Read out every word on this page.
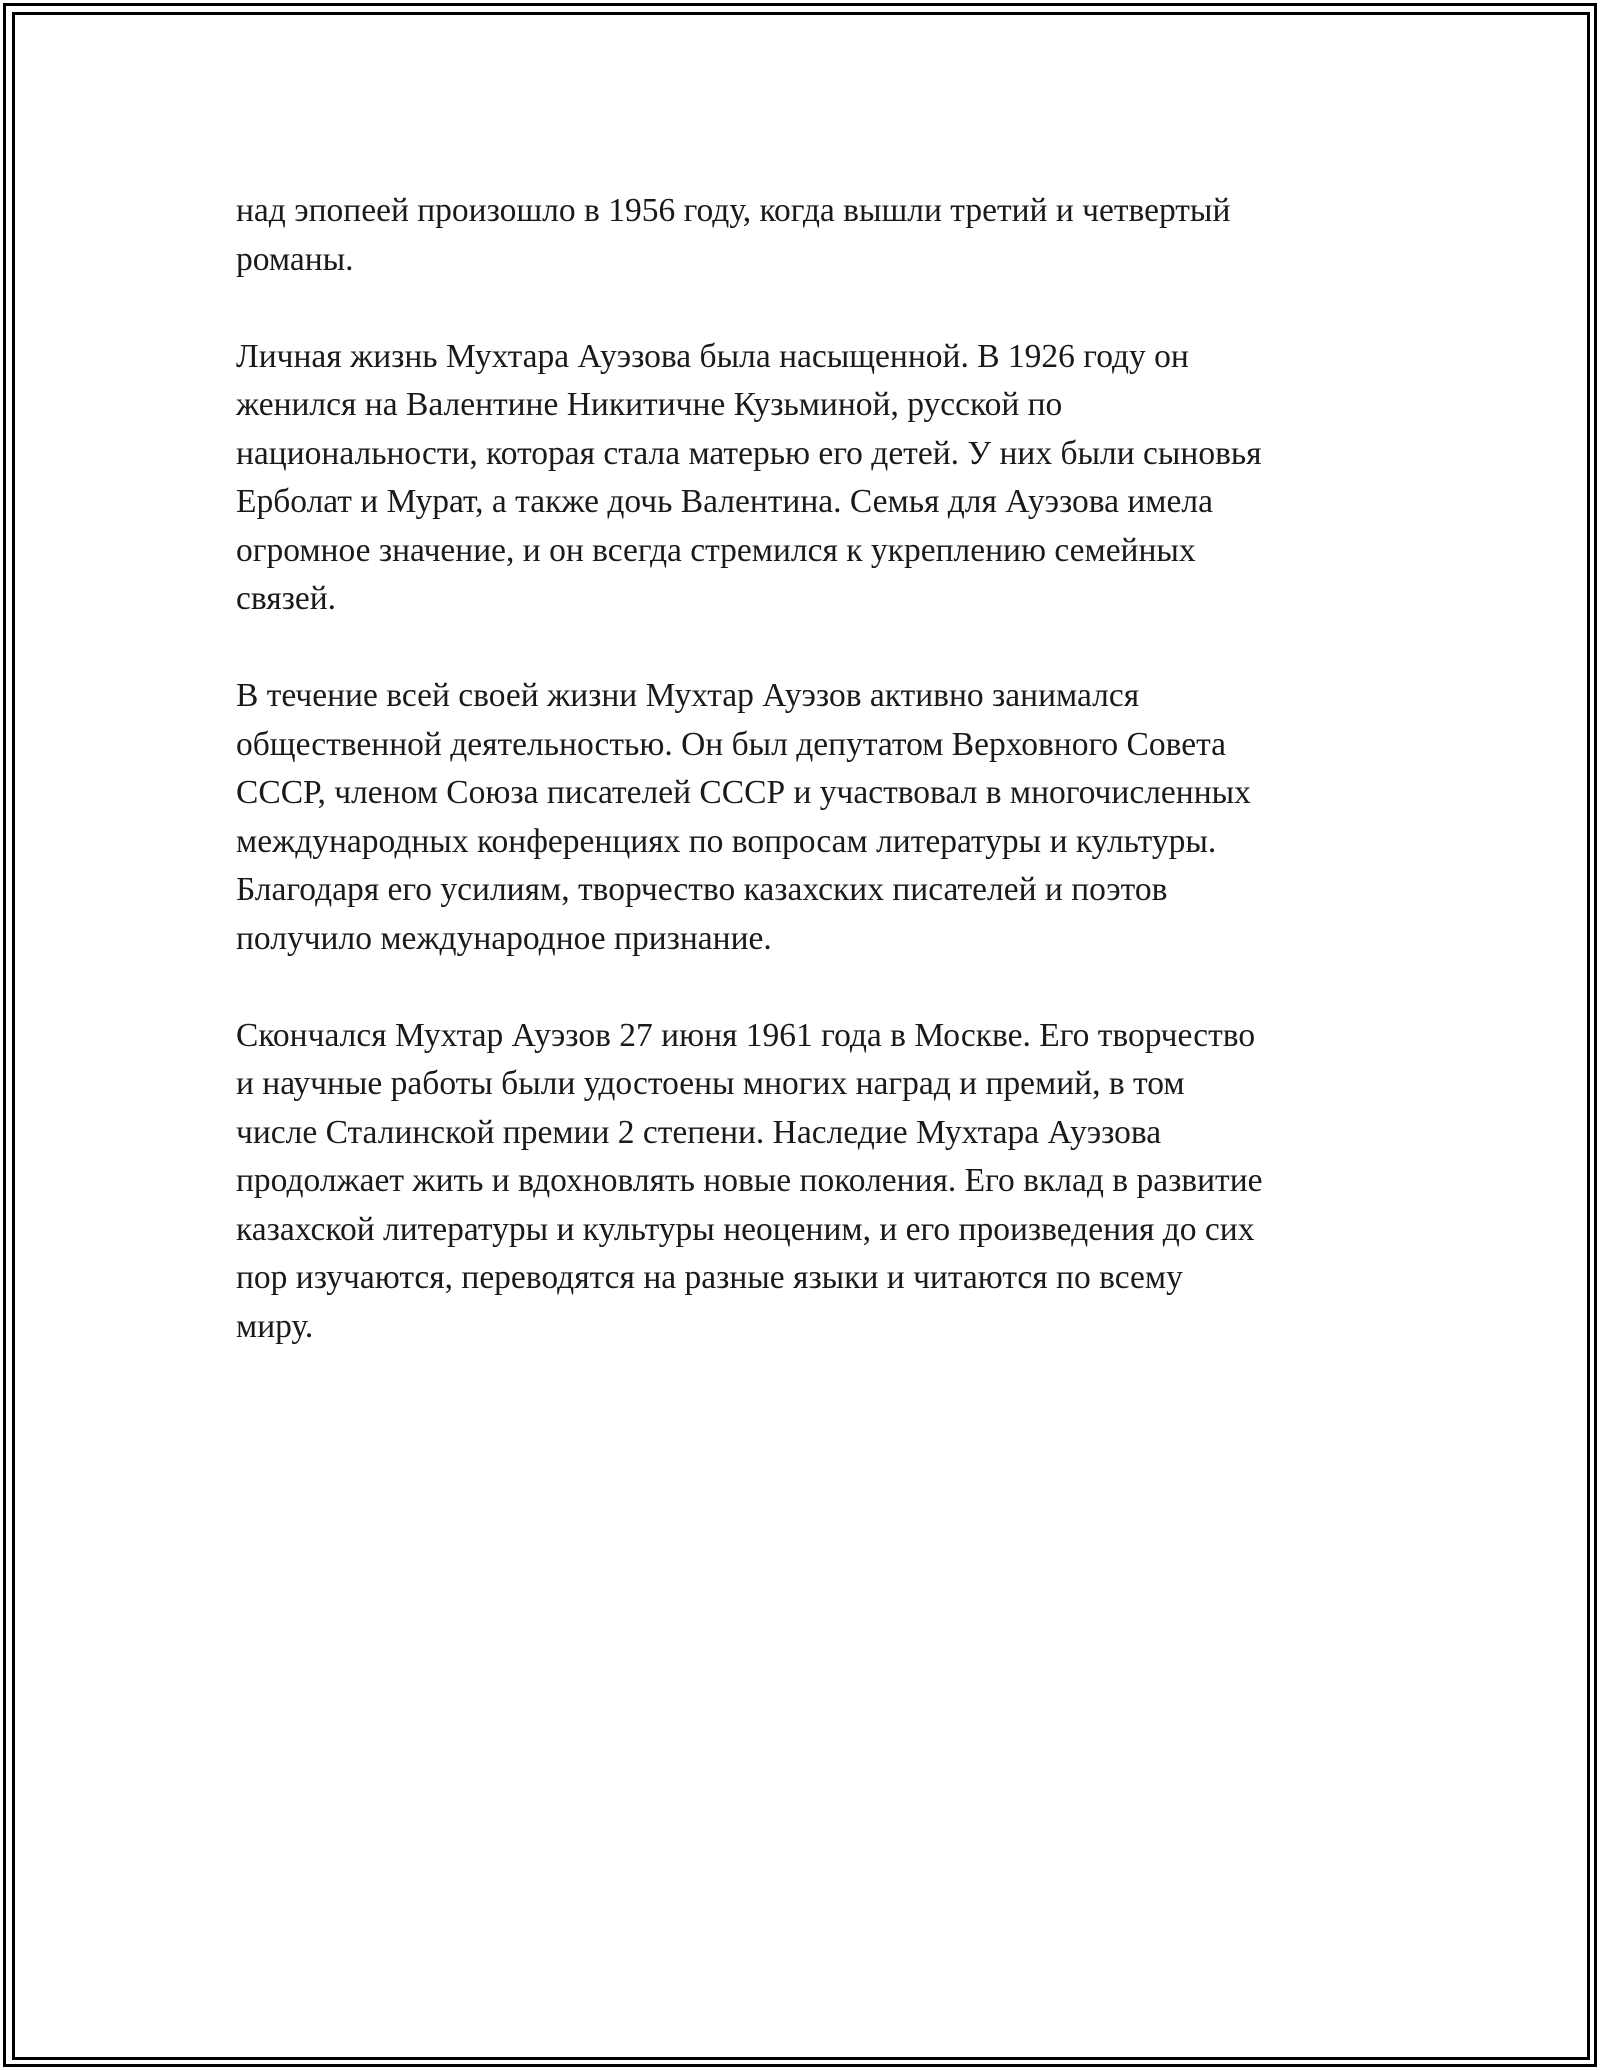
над эпопеей произошло в 1956 году, когда вышли третий и четвертый
романы.

Личная жизнь Мухтара Ауэзова была насыщенной. В 1926 году он
женился на Валентине Никитичне Кузьминой, русской по
национальности, которая стала матерью его детей. У них были сыновья
Ерболат и Мурат, а также дочь Валентина. Семья для Ауэзова имела
огромное значение, и он всегда стремился к укреплению семейных
связей.

В течение всей своей жизни Мухтар Ауэзов активно занимался
общественной деятельностью. Он был депутатом Верховного Совета
СССР, членом Союза писателей СССР и участвовал в многочисленных
международных конференциях по вопросам литературы и культуры.
Благодаря его усилиям, творчество казахских писателей и поэтов
получило международное признание.

Скончался Мухтар Ауэзов 27 июня 1961 года в Москве. Его творчество
и научные работы были удостоены многих наград и премий, в том
числе Сталинской премии 2 степени. Наследие Мухтара Ауэзова
продолжает жить и вдохновлять новые поколения. Его вклад в развитие
казахской литературы и культуры неоценим, и его произведения до сих
пор изучаются, переводятся на разные языки и читаются по всему
миру.
